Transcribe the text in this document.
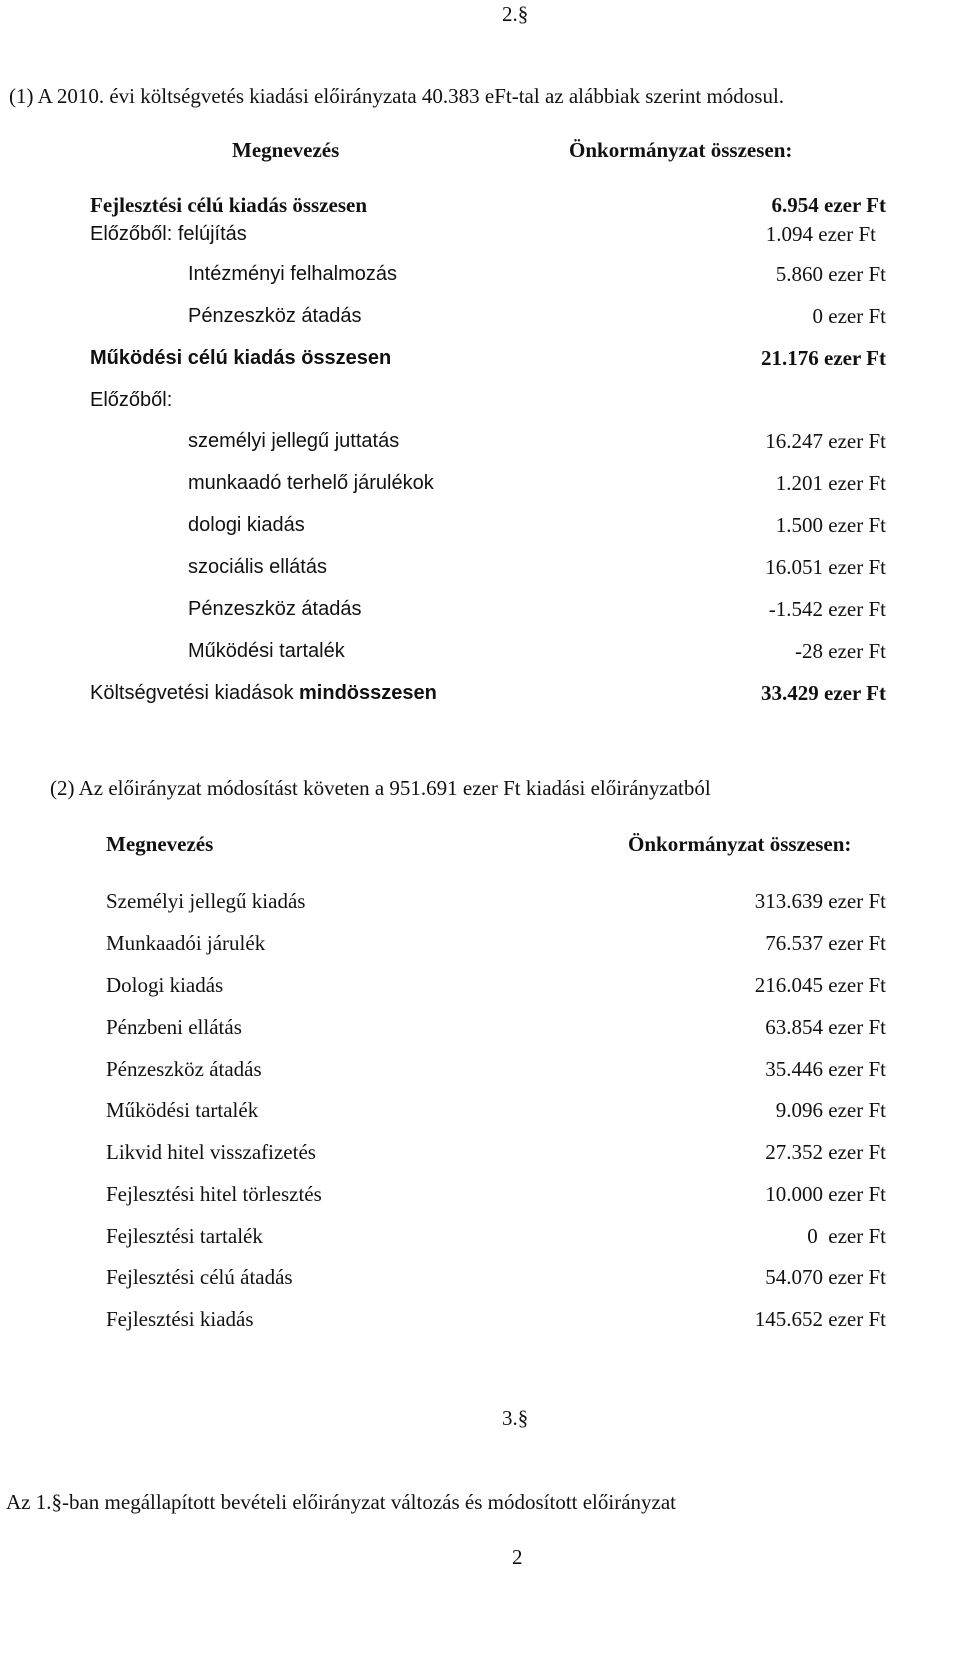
2.§
(1) A 2010. évi költségvetés kiadási előirányzata 40.383 eFt-tal az alábbiak szerint módosul.
Megnevezés	Önkormányzat összesen:
Fejlesztési célú kiadás összesen	6.954 ezer Ft
Előzőből: felújítás	1.094 ezer Ft
Intézményi felhalmozás	5.860 ezer Ft
Pénzeszköz átadás	0 ezer Ft
Működési célú kiadás összesen	21.176 ezer Ft
Előzőből:
személyi jellegű juttatás	16.247 ezer Ft
munkaadó terhelő járulékok	1.201 ezer Ft
dologi kiadás	1.500 ezer Ft
szociális ellátás	16.051 ezer Ft
Pénzeszköz átadás	-1.542 ezer Ft
Működési tartalék	-28 ezer Ft
Költségvetési kiadások mindösszesen	33.429 ezer Ft
(2) Az előirányzat módosítást követen a 951.691 ezer Ft kiadási előirányzatból
Megnevezés	Önkormányzat összesen:
Személyi jellegű kiadás	313.639 ezer Ft
Munkaadói járulék	76.537 ezer Ft
Dologi kiadás	216.045 ezer Ft
Pénzbeni ellátás	63.854 ezer Ft
Pénzeszköz átadás	35.446 ezer Ft
Működési tartalék	9.096 ezer Ft
Likvid hitel visszafizetés	27.352 ezer Ft
Fejlesztési hitel törlesztés	10.000 ezer Ft
Fejlesztési tartalék	0  ezer Ft
Fejlesztési célú átadás	54.070 ezer Ft
Fejlesztési kiadás	145.652 ezer Ft
3.§
Az 1.§-ban megállapított bevételi előirányzat változás és módosított előirányzat
2
